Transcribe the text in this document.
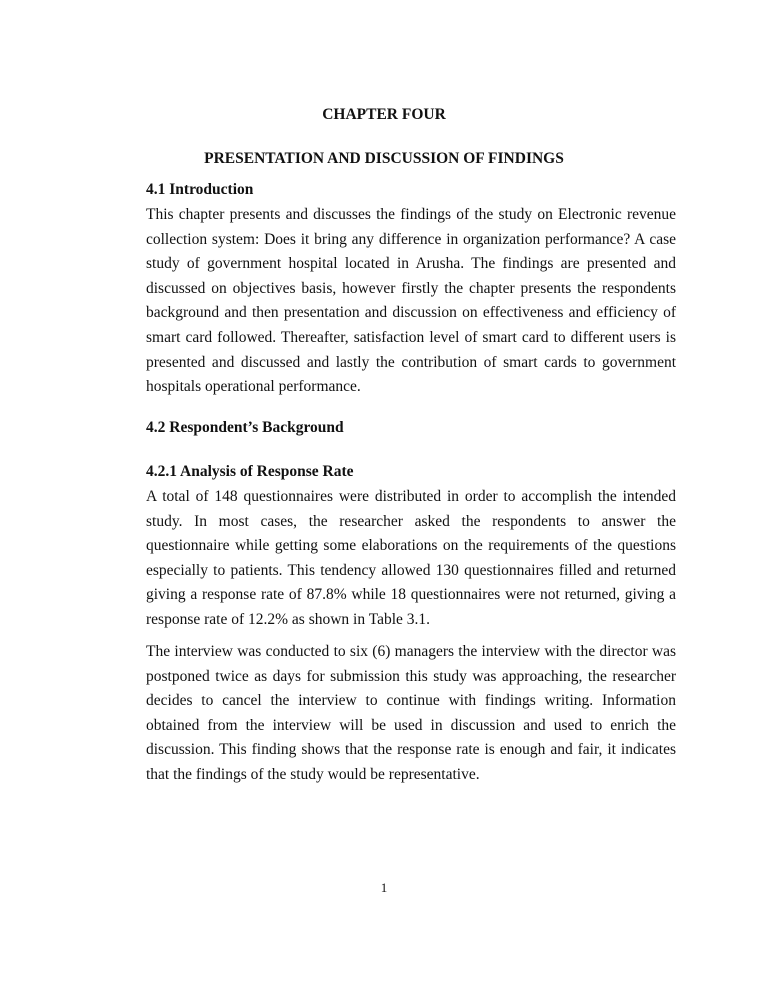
CHAPTER FOUR
PRESENTATION AND DISCUSSION OF FINDINGS
4.1 Introduction

This chapter presents and discusses the findings of the study on Electronic revenue collection system: Does it bring any difference in organization performance? A case study of government hospital located in Arusha. The findings are presented and discussed on objectives basis, however firstly the chapter presents the respondents background and then presentation and discussion on effectiveness and efficiency of smart card followed. Thereafter, satisfaction level of smart card to different users is presented and discussed and lastly the contribution of smart cards to government hospitals operational performance.

4.2 Respondent’s Background
4.2.1 Analysis of Response Rate

A total of 148 questionnaires were distributed in order to accomplish the intended study. In most cases, the researcher asked the respondents to answer the questionnaire while getting some elaborations on the requirements of the questions especially to patients. This tendency allowed 130 questionnaires filled and returned giving a response rate of 87.8% while 18 questionnaires were not returned, giving a response rate of 12.2% as shown in Table 3.1.

The interview was conducted to six (6) managers the interview with the director was postponed twice as days for submission this study was approaching, the researcher decides to cancel the interview to continue with findings writing. Information obtained from the interview will be used in discussion and used to enrich the discussion. This finding shows that the response rate is enough and fair, it indicates that the findings of the study would be representative.

1
